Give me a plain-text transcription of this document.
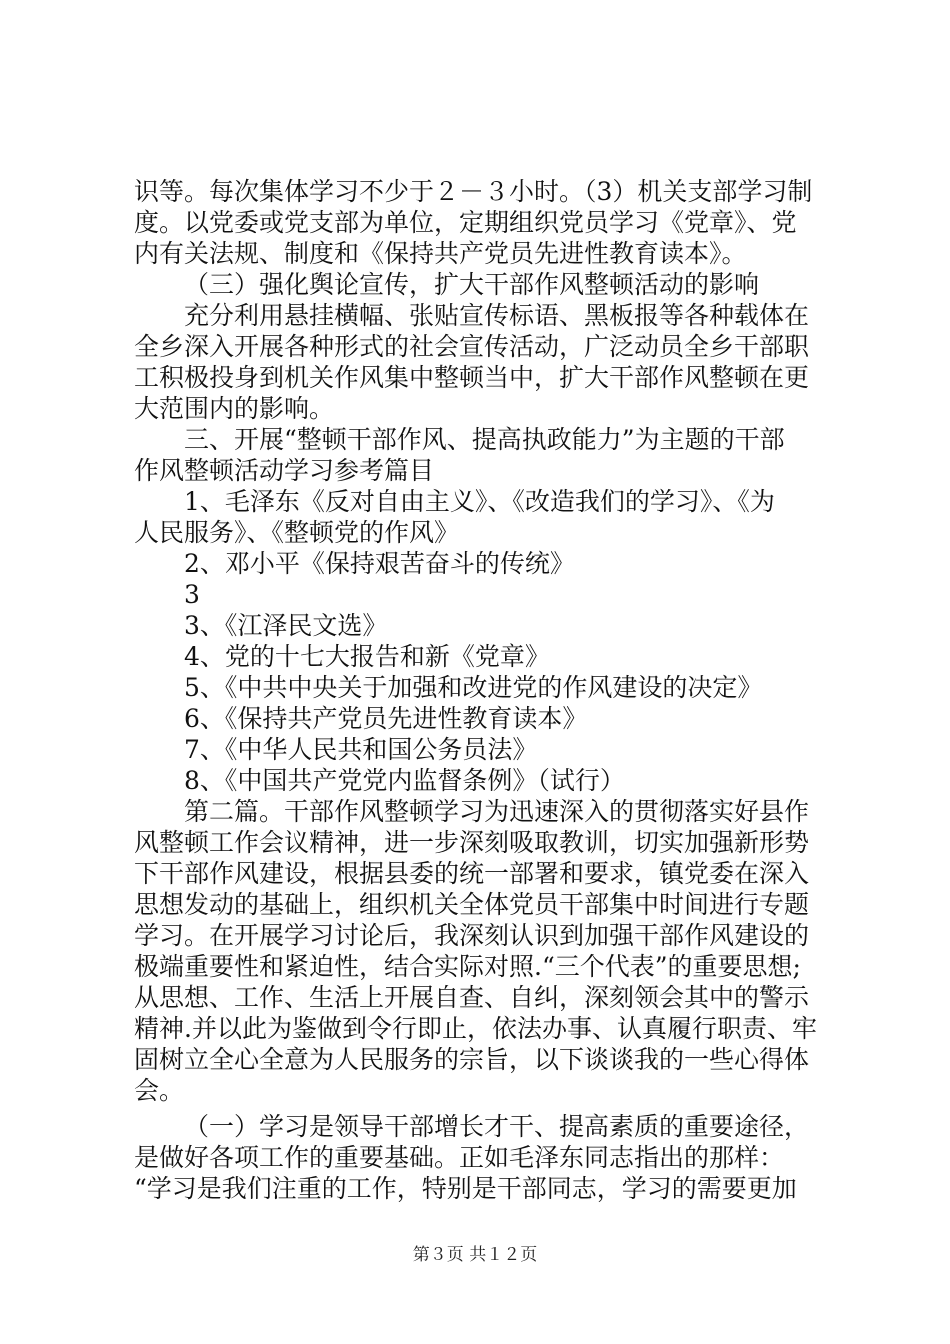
识等。每次集体学习不少于２－３小时。（3）机关支部学习制
度。以党委或党支部为单位，定期组织党员学习《党章》、党
内有关法规、制度和《保持共产党员先进性教育读本》。
（三）强化舆论宣传，扩大干部作风整顿活动的影响
充分利用悬挂横幅、张贴宣传标语、黑板报等各种载体在
全乡深入开展各种形式的社会宣传活动，广泛动员全乡干部职
工积极投身到机关作风集中整顿当中，扩大干部作风整顿在更
大范围内的影响。
三、开展“整顿干部作风、提高执政能力”为主题的干部
作风整顿活动学习参考篇目
1、毛泽东《反对自由主义》、《改造我们的学习》、《为
人民服务》、《整顿党的作风》
2、邓小平《保持艰苦奋斗的传统》
3
3、《江泽民文选》
4、党的十七大报告和新《党章》
5、《中共中央关于加强和改进党的作风建设的决定》
6、《保持共产党员先进性教育读本》
7、《中华人民共和国公务员法》
8、《中国共产党党内监督条例》（试行）
第二篇。干部作风整顿学习为迅速深入的贯彻落实好县作
风整顿工作会议精神，进一步深刻吸取教训，切实加强新形势
下干部作风建设，根据县委的统一部署和要求，镇党委在深入
思想发动的基础上，组织机关全体党员干部集中时间进行专题
学习。在开展学习讨论后，我深刻认识到加强干部作风建设的
极端重要性和紧迫性，结合实际对照.“三个代表”的重要思想;
从思想、工作、生活上开展自查、自纠，深刻领会其中的警示
精神.并以此为鉴做到令行即止，依法办事、认真履行职责、牢
固树立全心全意为人民服务的宗旨，以下谈谈我的一些心得体
会。
（一）学习是领导干部增长才干、提高素质的重要途径，
是做好各项工作的重要基础。正如毛泽东同志指出的那样：
“学习是我们注重的工作，特别是干部同志，学习的需要更加
第３页 共１２页
